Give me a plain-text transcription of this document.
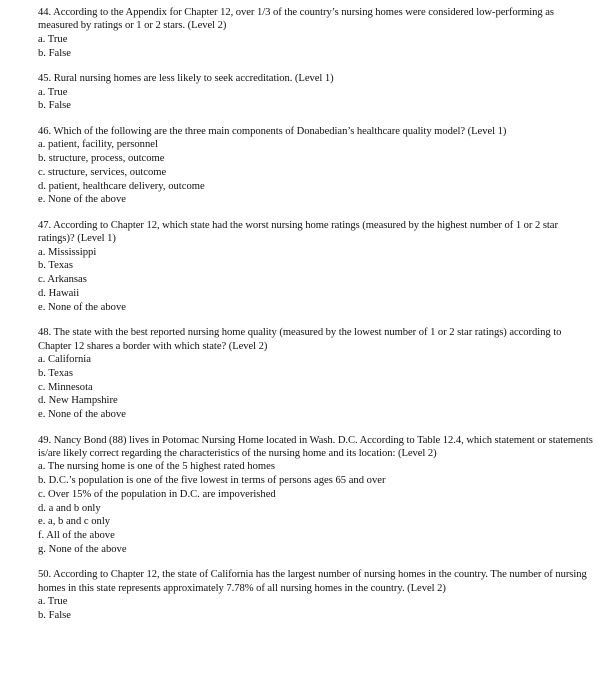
44. According to the Appendix for Chapter 12, over 1/3 of the country’s nursing homes were considered low-performing as measured by ratings or 1 or 2 stars. (Level 2)

a. True

b. False

45. Rural nursing homes are less likely to seek accreditation. (Level 1)

a. True

b. False

46. Which of the following are the three main components of Donabedian’s healthcare quality model? (Level 1)

a. patient, facility, personnel

b. structure, process, outcome

c. structure, services, outcome

d. patient, healthcare delivery, outcome

e. None of the above

47. According to Chapter 12, which state had the worst nursing home ratings (measured by the highest number of 1 or 2 star ratings)? (Level 1)

a. Mississippi

b. Texas

c. Arkansas

d. Hawaii

e. None of the above

48. The state with the best reported nursing home quality (measured by the lowest number of 1 or 2 star ratings) according to Chapter 12 shares a border with which state? (Level 2)

a. California

b. Texas

c. Minnesota

d. New Hampshire

e. None of the above

49. Nancy Bond (88) lives in Potomac Nursing Home located in Wash. D.C. According to Table 12.4, which statement or statements is/are likely correct regarding the characteristics of the nursing home and its location: (Level 2)

a. The nursing home is one of the 5 highest rated homes

b. D.C.’s population is one of the five lowest in terms of persons ages 65 and over

c. Over 15% of the population in D.C. are impoverished

d. a and b only

e. a, b and c only

f. All of the above

g. None of the above

50. According to Chapter 12, the state of California has the largest number of nursing homes in the country. The number of nursing homes in this state represents approximately 7.78% of all nursing homes in the country. (Level 2)

a. True

b. False
